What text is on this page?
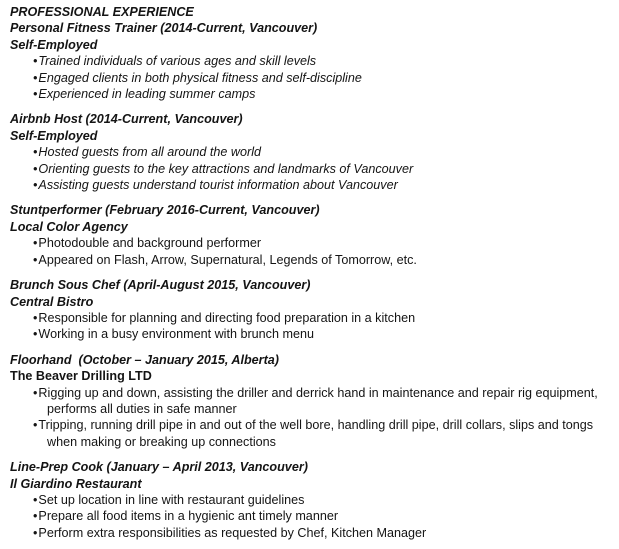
PROFESSIONAL EXPERIENCE
Personal Fitness Trainer (2014-Current, Vancouver)
Self-Employed
•Trained individuals of various ages and skill levels
•Engaged clients in both physical fitness and self-discipline
•Experienced in leading summer camps
Airbnb Host (2014-Current, Vancouver)
Self-Employed
•Hosted guests from all around the world
•Orienting guests to the key attractions and landmarks of Vancouver
•Assisting guests understand tourist information about Vancouver
Stuntperformer (February 2016-Current, Vancouver)
Local Color Agency
•Photodouble and background performer
•Appeared on Flash, Arrow, Supernatural, Legends of Tomorrow, etc.
Brunch Sous Chef (April-August 2015, Vancouver)
Central Bistro
•Responsible for planning and directing food preparation in a kitchen
•Working in a busy environment with brunch menu
Floorhand  (October – January 2015, Alberta)
The Beaver Drilling LTD
•Rigging up and down, assisting the driller and derrick hand in maintenance and repair rig equipment, performs all duties in safe manner
•Tripping, running drill pipe in and out of the well bore, handling drill pipe, drill collars, slips and tongs when making or breaking up connections
Line-Prep Cook (January – April 2013, Vancouver)
Il Giardino Restaurant
•Set up location in line with restaurant guidelines
•Prepare all food items in a hygienic ant timely manner
•Perform extra responsibilities as requested by Chef, Kitchen Manager
